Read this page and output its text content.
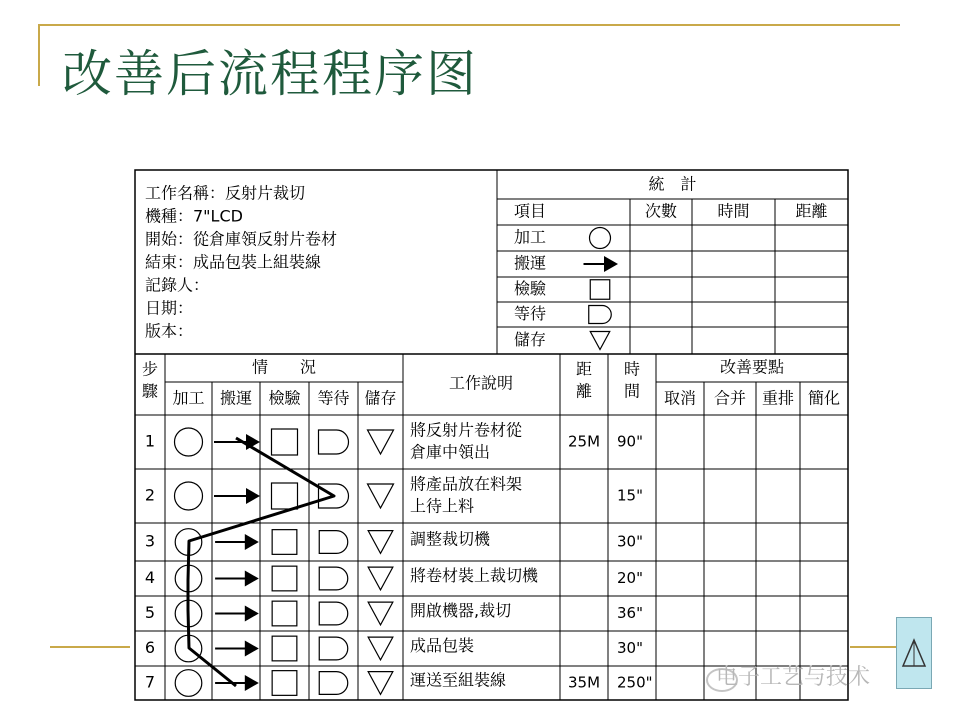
改善后流程程序图
工作名稱：反射片裁切
機種：7"LCD
開始：從倉庫領反射片卷材
結束：成品包裝上組裝線
記錄人：
日期：
版本：
統　計
項目	次數	時間	距離
加工
搬運
檢驗
等待
儲存
步
驟
情　　況
加工 搬運 檢驗 等待 儲存
工作說明
距
離
時
間
改善要點
取消 合并 重排 簡化
1
將反射片卷材從
倉庫中領出
25M 90"
2
將產品放在料架
上待上料
15"
3	調整裁切機	30"
4	將卷材裝上裁切機	20"
5	開啟機器,裁切	36"
6	成品包裝	30"
7	運送至組裝線	35M 250"	电子工艺与技术
